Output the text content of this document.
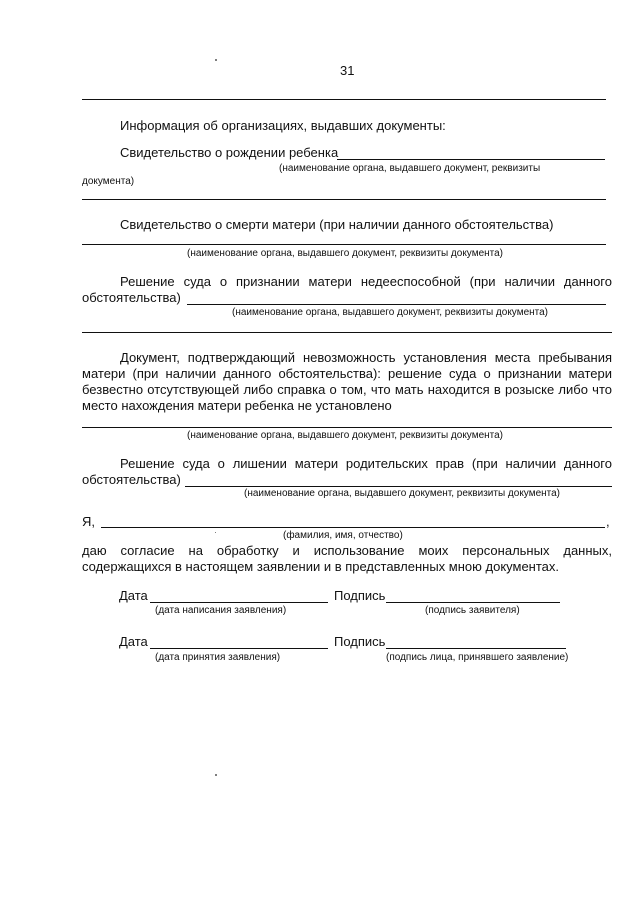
31
Информация об организациях, выдавших документы:
Свидетельство о рождении ребенка
(наименование органа, выдавшего документ, реквизиты
документа)
Свидетельство о смерти матери (при наличии данного обстоятельства)
(наименование органа, выдавшего документ, реквизиты документа)
Решение суда о признании матери недееспособной (при наличии данного
обстоятельства)
(наименование органа, выдавшего документ, реквизиты документа)
Документ, подтверждающий невозможность установления места пребывания
матери (при наличии данного обстоятельства): решение суда о признании матери
безвестно отсутствующей либо справка о том, что мать находится в розыске либо что
место нахождения матери ребенка не установлено
(наименование органа, выдавшего документ, реквизиты документа)
Решение суда о лишении матери родительских прав (при наличии данного
обстоятельства)
(наименование органа, выдавшего документ, реквизиты документа)
Я,	,
(фамилия, имя, отчество)
даю согласие на обработку и использование моих персональных данных,
содержащихся в настоящем заявлении и в представленных мною документах.
Дата
(дата написания заявления)
Подпись
(подпись заявителя)
Дата
(дата принятия заявления)
Подпись
(подпись лица, принявшего заявление)
